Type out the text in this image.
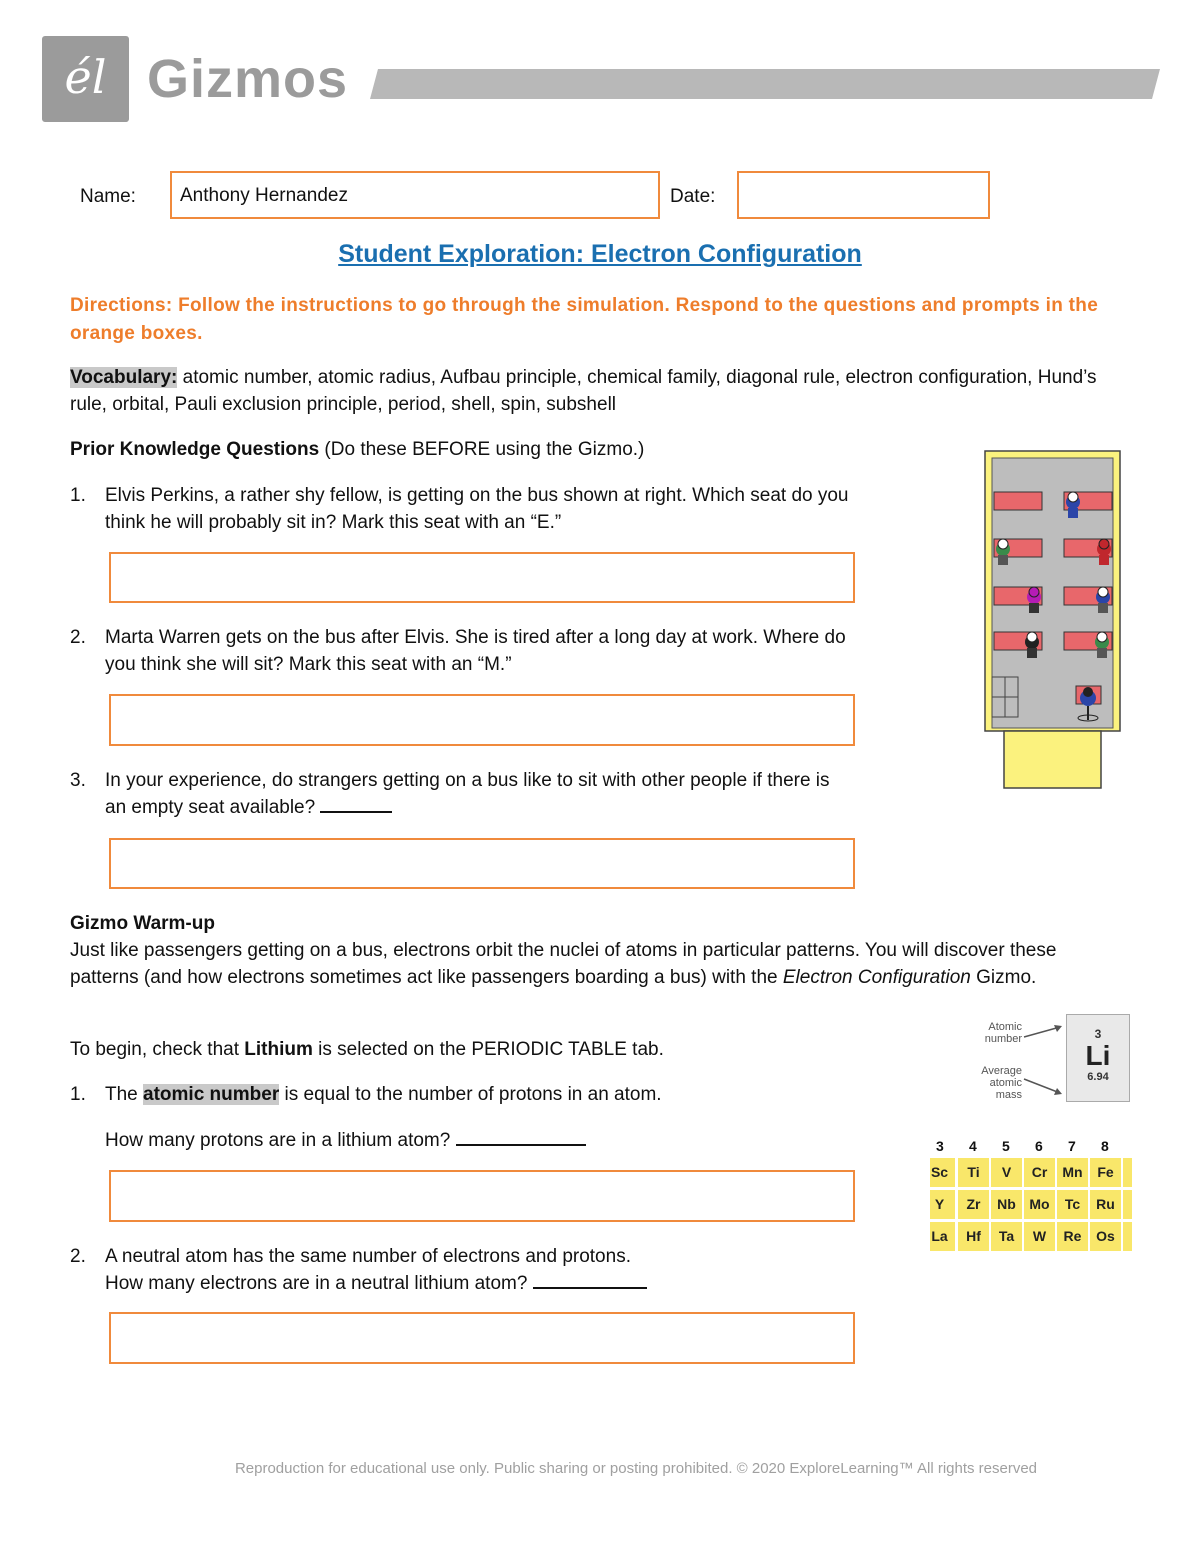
él Gizmos
Name: Anthony Hernandez	Date:
Student Exploration: Electron Configuration
Directions: Follow the instructions to go through the simulation. Respond to the questions and prompts in the orange boxes.
Vocabulary: atomic number, atomic radius, Aufbau principle, chemical family, diagonal rule, electron configuration, Hund’s rule, orbital, Pauli exclusion principle, period, shell, spin, subshell
Prior Knowledge Questions (Do these BEFORE using the Gizmo.)
1. Elvis Perkins, a rather shy fellow, is getting on the bus shown at right. Which seat do you
think he will probably sit in? Mark this seat with an “E.”
2. Marta Warren gets on the bus after Elvis. She is tired after a long day at work. Where do
you think she will sit? Mark this seat with an “M.”
3. In your experience, do strangers getting on a bus like to sit with other people if there is
an empty seat available?
Gizmo Warm-up
Just like passengers getting on a bus, electrons orbit the nuclei of atoms in particular patterns. You will discover these patterns (and how electrons sometimes act like passengers boarding a bus) with the Electron Configuration Gizmo.
To begin, check that Lithium is selected on the PERIODIC TABLE tab.
1. The atomic number is equal to the number of protons in an atom.
How many protons are in a lithium atom?
2. A neutral atom has the same number of electrons and protons.
How many electrons are in a neutral lithium atom?
Atomic
number
Average
atomic
mass
3
Li
6.94
3 4 5 6 7 8
Sc	Ti	V	Cr	Mn	Fe
Y	Zr	Nb Mo	Tc	Ru
La	Hf	Ta	W	Re	Os
Reproduction for educational use only. Public sharing or posting prohibited. © 2020 ExploreLearning™ All rights reserved
